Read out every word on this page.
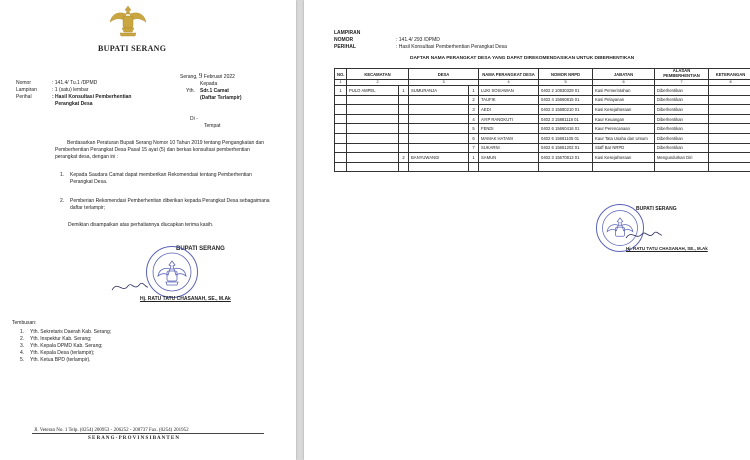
BUPATI SERANG
Serang, 9 Februari 2022
Nomor	: 141.4/ Tu.1 /DPMD
Lampiran	: 1 (satu) lembar
Perihal	: Hasil Konsultasi Pemberhentian
Perangkat Desa
Kepada
Yth. Sdr.1 Camat
(Daftar Terlampir)
Di -
Tempat
Berdasarkan Peraturan Bupati Serang Nomor 10 Tahun 2019 tentang Pengangkatan dan Pemberhentian Perangkat Desa Pasal 15 ayat (5) dan berkas konsultasi pemberhentian perangkat desa, dengan ini :
1. Kepada Saudara Camat dapat memberikan Rekomendasi tentang Pemberhentian Perangkat Desa.
2. Pemberian Rekomendasi Pemberhentian diberikan kepada Perangkat Desa sebagaimana daftar terlampir;
Demikian disampaikan atas perhatiannya diucapkan terima kasih.
BUPATI SERANG
Hj. RATU TATU CHASANAH, SE., M.Ak
Tembusan:
1. Yth. Sekretaris Daerah Kab. Serang;
2. Yth. Inspektur Kab. Serang;
3. Yth. Kepala DPMD Kab. Serang;
4. Yth. Kepala Desa (terlampir);
5. Yth. Ketua BPD (terlampir).
Jl. Veteran No. 1 Telp. (0254) 200953 - 206252 - 200737 Fax. (0254) 201952
S E R A N G - P R O V I N S I B A N T E N
LAMPIRAN
NOMOR	: 141.4/ 293 /DPMD
PERIHAL	: Hasil Konsultasi Pemberhentian Perangkat Desa
DAFTAR NAMA PERANGKAT DESA YANG DAPAT DIREKOMENDASIKAN UNTUK DIBERHENTIKAN
NO.	KECAMATAN		DESA		NAMA PERANGKAT DESA	NOMOR NRPD	JABATAN	ALASAN PEMBERHENTIAN	KETERANGAN
1	2		3		4	5	6	7	8
1	PULO AMPEL	1	SUMURANJA	1	LUKI SOSIAWAN	0402 2 10830329 01	Kasi Pemerintahan	Diberhentikan	
				2	TAUFIK	0402 4 15660815 01	Kasi Pelayanan	Diberhentikan	
				3	AEDI	0402 3 15680210 01	Kasi Kesejahteraan	Diberhentikan	
				4	AYIP RANGKUTI	0402 3 15881118 01	Kaur Keuangan	Diberhentikan	
				5	FENDI	0402 6 15660416 01	Kaur Perencanaan	Diberhentikan	
				6	MAMAK HATAMI	0402 6 15681105 01	Kaur Tata Usaha dan Umum	Diberhentikan	
				7	SUKARNI	0402 6 15661202 01	Staff Bar NRPD	Diberhentikan	
		2	BANYUWANGI	1	SAMUN	0402 3 15670813 01	Kasi Kesejahteraan	Mengundurkan Diri	

BUPATI SERANG
Hj. RATU TATU CHASANAH, SE., M.Ak
